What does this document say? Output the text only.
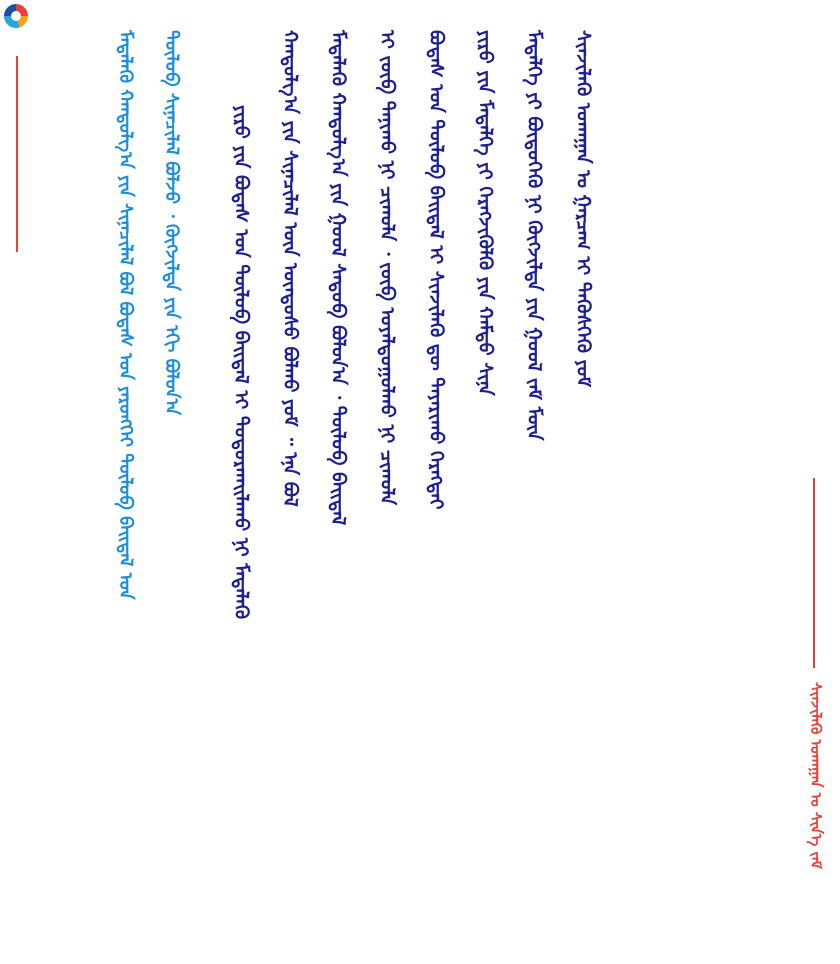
ᠮᠡᠳᠡᠯᠡᠬᠦ ᠬᠠᠨᠳᠤᠯᠭ᠎ᠠ ᠶᠢᠨ ᠰᠢᠨᠡᠴᠢᠯᠡᠯ ᠪᠤᠯ ᠪᠣᠳᠠᠰ ᠤᠨ ᠶᠡᠷᠦᠩᠬᠡᠢ ᠲᠥᠯᠦᠪ ᠪᠠᠢᠳᠠᠯ ᠤᠨ ᠲᠥᠯᠦᠪ ᠰᠢᠨᠡᠴᠢᠯᠡᠯ ᠪᠣᠯᠵᠤ ᠂ ᠬᠥᠭᠵᠢᠯᠲᠡ ᠶᠢᠨ ᠡᠬᠢ ᠪᠣᠯᠤᠨ᠎ᠠ	ᠶᠢᠷᠦ ᠶᠢᠨ ᠪᠣᠳᠠᠰ ᠤᠨ ᠲᠥᠯᠦᠪ ᠪᠠᠢᠳᠠᠯ ᠢ ᠲᠣᠳᠤᠷᠬᠠᠢᠯᠠᠬᠤ ᠨᠢ ᠮᠡᠳᠡᠯᠡᠬᠦ ᠬᠠᠨᠳᠤᠯᠭ᠎ᠠ ᠶᠢᠨ ᠰᠢᠨᠡᠴᠢᠯᠡᠯ ᠦᠨ ᠦᠨᠳᠦᠰᠦ ᠪᠣᠯᠬᠤ ᠶᠤᠮ ᠃ ᠡᠨᠡ ᠪᠣᠯ ᠮᠡᠳᠡᠯᠡᠬᠦ ᠬᠠᠨᠳᠤᠯᠭ᠎ᠠ ᠶᠢᠨ ᠭᠣᠣᠯ ᠰᠡᠳᠦᠪ ᠪᠣᠯᠤᠨ᠎ᠠ ᠂ ᠲᠥᠯᠦᠪ ᠪᠠᠢᠳᠠᠯ ᠢ ᠵᠥᠪ ᠲᠠᠨᠢᠬᠤ ᠨᠢ ᠴᠢᠬᠤᠯᠠ ᠂ ᠵᠥᠪ ᠤᠶᠠᠯᠳᠤᠭᠤᠯᠬᠤ ᠨᠢ ᠴᠢᠬᠤᠯᠠ ᠪᠣᠳᠠᠰ ᠤᠨ ᠲᠥᠯᠦᠪ ᠪᠠᠢᠳᠠᠯ ᠢ ᠰᠢᠨᠵᠢᠯᠡᠬᠦ ᠳᠦ ᠳᠠᠶᠠᠷᠢᠬᠤ ᠬᠡᠷᠡᠭᠲᠡᠢ ᠶᠢᠷᠦ ᠶᠢᠨ ᠮᠡᠳᠡᠯᠭᠡ ᠶᠢ ᠬᠡᠷᠡᠭᠵᠢᠭᠦᠯᠬᠦ ᠶᠢᠨ ᠬᠠᠮᠲᠤ ᠰᠢᠨᠡ ᠮᠡᠳᠡᠯᠭᠡ ᠶᠢ ᠪᠦᠲᠦᠭᠡᠬᠦ ᠨᠢ ᠬᠥᠭᠵᠢᠯᠲᠡ ᠶᠢᠨ ᠭᠣᠣᠯ ᠵᠠᠮ ᠮᠥᠨ ᠰᠢᠨᠵᠢᠯᠡᠬᠦ ᠤᠬᠠᠭᠠᠨ ᠤ ᠭᠠᠷᠴᠠᠭ ᠢ ᠲᠡᠭᠦᠰᠬᠡᠬᠦ ᠶᠤᠮ
ᠰᠢᠨᠵᠢᠯᠡᠬᠦ ᠤᠬᠠᠭᠠᠨ ᠤ ᠰᠢᠨ᠎ᠡ ᠵᠠᠮ
